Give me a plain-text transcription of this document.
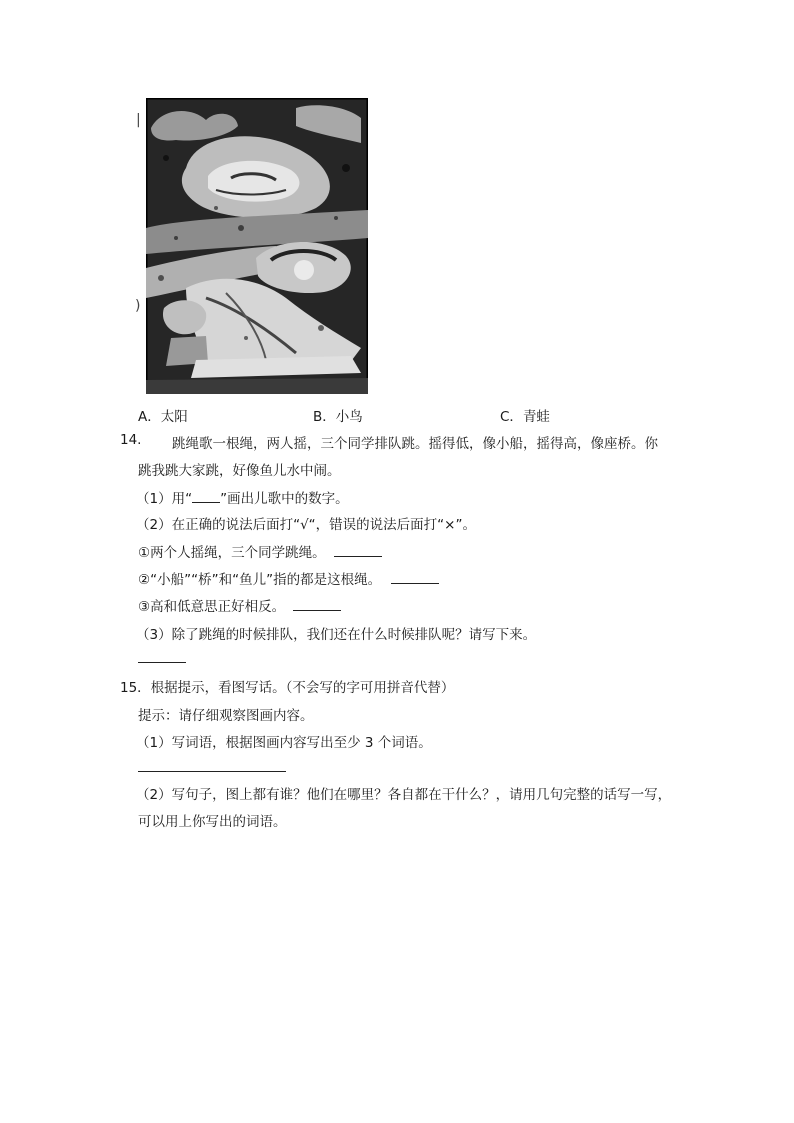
|
)
A．太阳	B．小鸟	C．青蛙
14. 跳绳歌一根绳，两人摇，三个同学排队跳。摇得低，像小船，摇得高，像座桥。你
跳我跳大家跳，好像鱼儿水中闹。
（1）用“ ”画出儿歌中的数字。
（2）在正确的说法后面打“√“，错误的说法后面打“×”。
①两个人摇绳，三个同学跳绳。
②“小船”“桥”和“鱼儿”指的都是这根绳。
③高和低意思正好相反。
（3）除了跳绳的时候排队，我们还在什么时候排队呢？请写下来。
15．根据提示，看图写话。（不会写的字可用拼音代替）
提示：请仔细观察图画内容。
（1）写词语，根据图画内容写出至少 3 个词语。
（2）写句子，图上都有谁？他们在哪里？各自都在干什么？，请用几句完整的话写一写，
可以用上你写出的词语。
